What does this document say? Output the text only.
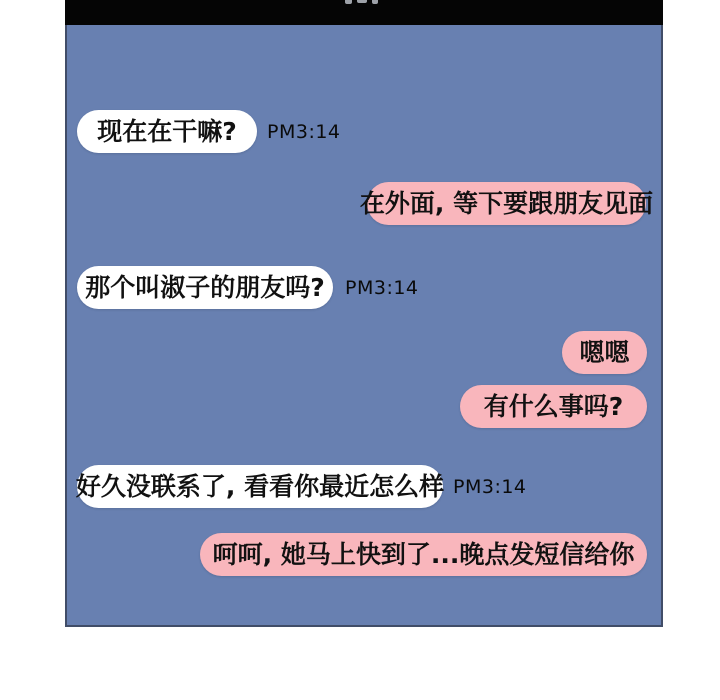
现在在干嘛?	PM3:14
在外面, 等下要跟朋友见面
那个叫淑子的朋友吗?	PM3:14
嗯嗯
有什么事吗?
好久没联系了, 看看你最近怎么样 PM3:14
呵呵, 她马上快到了...晚点发短信给你
